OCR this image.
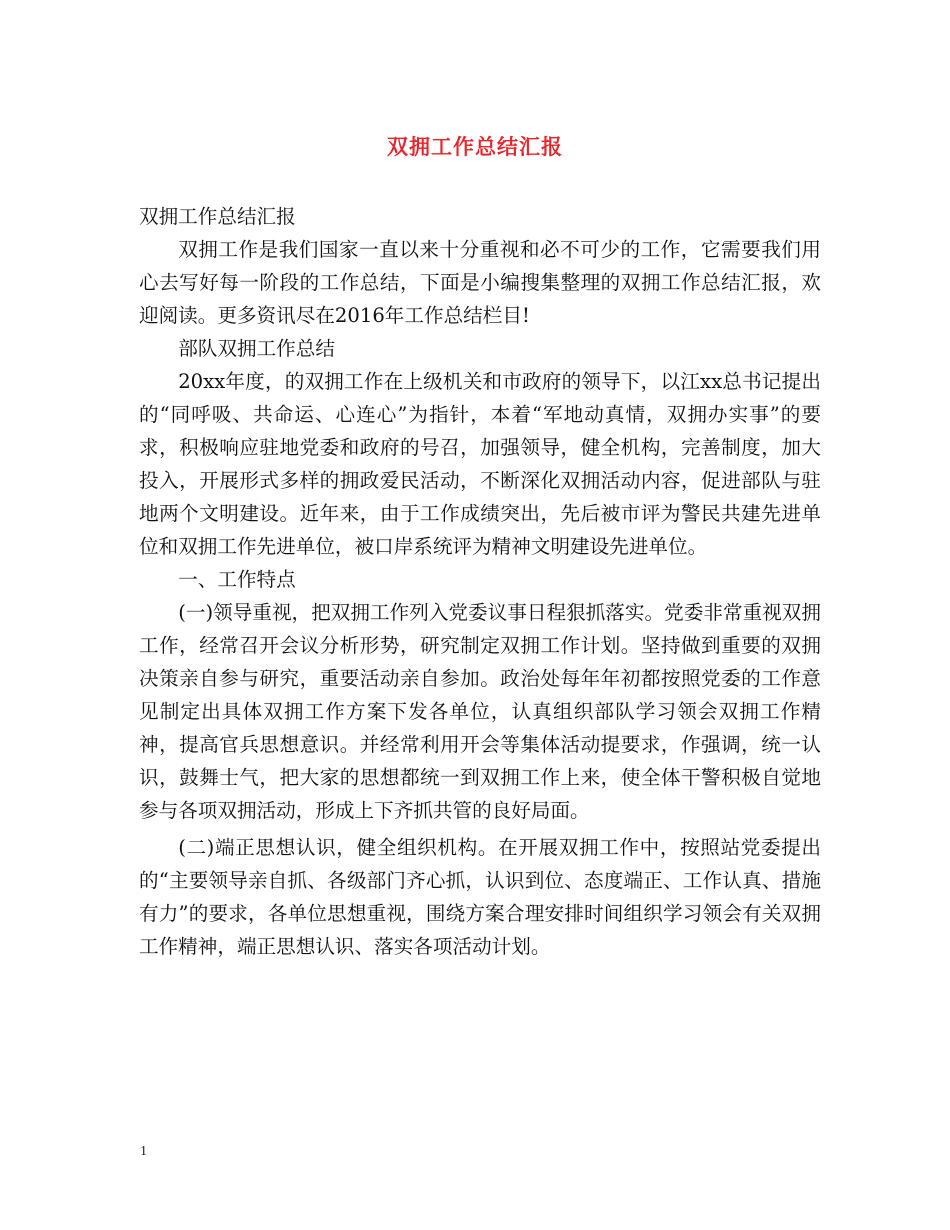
双拥工作总结汇报

双拥工作总结汇报

双拥工作是我们国家一直以来十分重视和必不可少的工作，它需要我们用心去写好每一阶段的工作总结，下面是小编搜集整理的双拥工作总结汇报，欢迎阅读。更多资讯尽在2016年工作总结栏目!

部队双拥工作总结

20xx年度，的双拥工作在上级机关和市政府的领导下，以江xx总书记提出的“同呼吸、共命运、心连心”为指针，本着“军地动真情，双拥办实事”的要求，积极响应驻地党委和政府的号召，加强领导，健全机构，完善制度，加大投入，开展形式多样的拥政爱民活动，不断深化双拥活动内容，促进部队与驻地两个文明建设。近年来，由于工作成绩突出，先后被市评为警民共建先进单位和双拥工作先进单位，被口岸系统评为精神文明建设先进单位。

一、工作特点

(一)领导重视，把双拥工作列入党委议事日程狠抓落实。党委非常重视双拥工作，经常召开会议分析形势，研究制定双拥工作计划。坚持做到重要的双拥决策亲自参与研究，重要活动亲自参加。政治处每年年初都按照党委的工作意见制定出具体双拥工作方案下发各单位，认真组织部队学习领会双拥工作精神，提高官兵思想意识。并经常利用开会等集体活动提要求，作强调，统一认识，鼓舞士气，把大家的思想都统一到双拥工作上来，使全体干警积极自觉地参与各项双拥活动，形成上下齐抓共管的良好局面。

(二)端正思想认识，健全组织机构。在开展双拥工作中，按照站党委提出的“主要领导亲自抓、各级部门齐心抓，认识到位、态度端正、工作认真、措施有力”的要求，各单位思想重视，围绕方案合理安排时间组织学习领会有关双拥工作精神，端正思想认识、落实各项活动计划。

1
